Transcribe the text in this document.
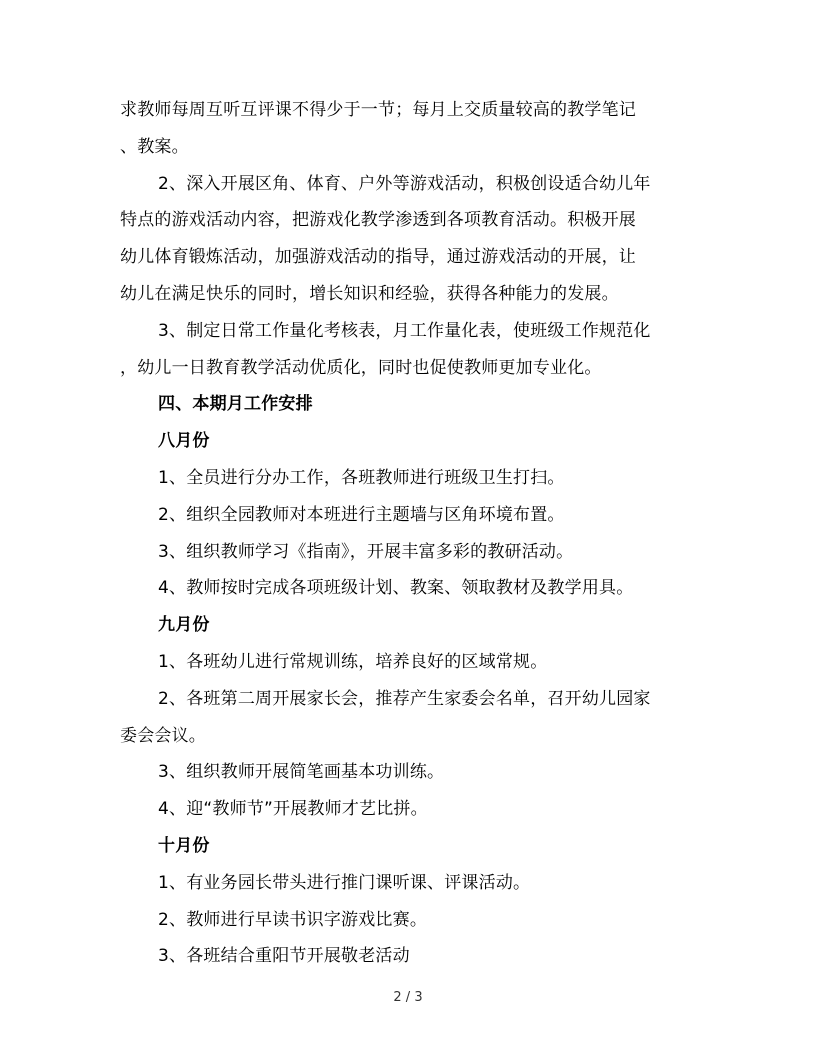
求教师每周互听互评课不得少于一节；每月上交质量较高的教学笔记
、教案。
2、深入开展区角、体育、户外等游戏活动，积极创设适合幼儿年
特点的游戏活动内容，把游戏化教学渗透到各项教育活动。积极开展
幼儿体育锻炼活动，加强游戏活动的指导，通过游戏活动的开展，让
幼儿在满足快乐的同时，增长知识和经验，获得各种能力的发展。
3、制定日常工作量化考核表，月工作量化表，使班级工作规范化
，幼儿一日教育教学活动优质化，同时也促使教师更加专业化。
四、本期月工作安排
八月份
1、全员进行分办工作，各班教师进行班级卫生打扫。
2、组织全园教师对本班进行主题墙与区角环境布置。
3、组织教师学习《指南》，开展丰富多彩的教研活动。
4、教师按时完成各项班级计划、教案、领取教材及教学用具。
九月份
1、各班幼儿进行常规训练，培养良好的区域常规。
2、各班第二周开展家长会，推荐产生家委会名单，召开幼儿园家
委会会议。
3、组织教师开展简笔画基本功训练。
4、迎“教师节”开展教师才艺比拼。
十月份
1、有业务园长带头进行推门课听课、评课活动。
2、教师进行早读书识字游戏比赛。
3、各班结合重阳节开展敬老活动
2 / 3
